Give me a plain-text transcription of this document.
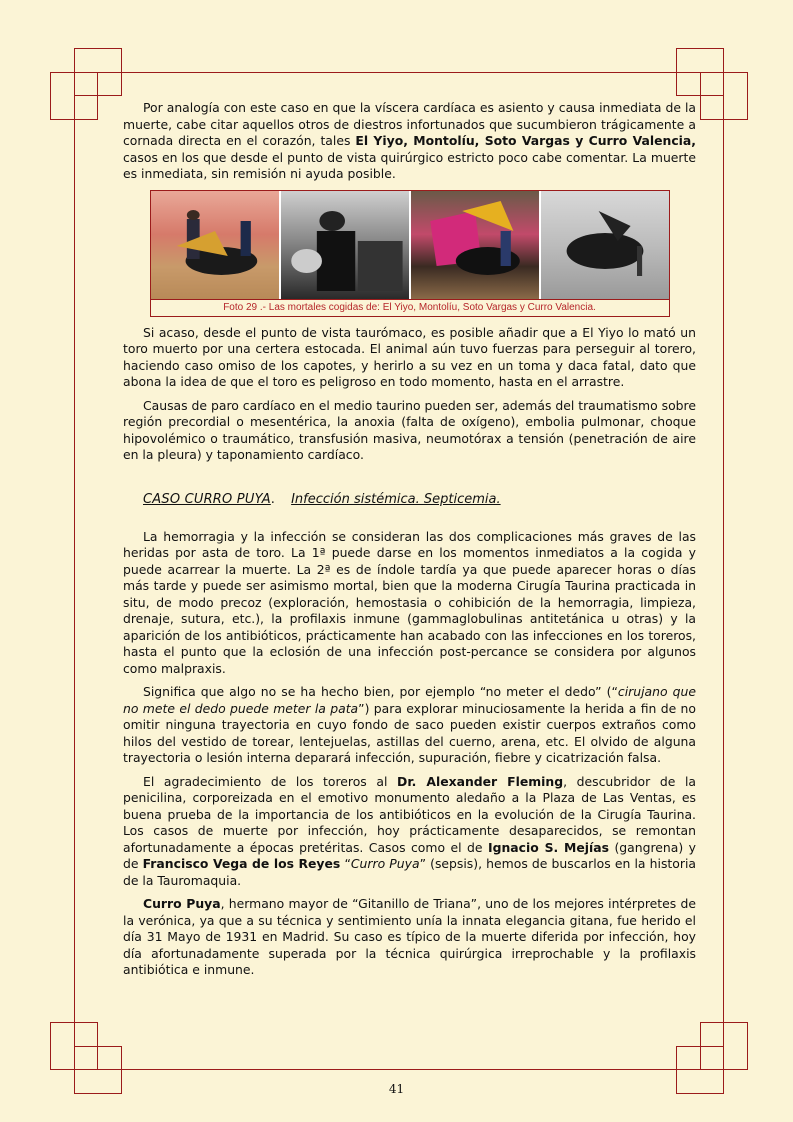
Por analogía con este caso en que la víscera cardíaca es asiento y causa inmediata de la muerte, cabe citar aquellos otros de diestros infortunados que sucumbieron trágicamente a cornada directa en el corazón, tales El Yiyo, Montolíu, Soto Vargas y Curro Valencia, casos en los que desde el punto de vista quirúrgico estricto poco cabe comentar. La muerte es inmediata, sin remisión ni ayuda posible.

Foto 29 .- Las mortales cogidas de: El Yiyo, Montolíu, Soto Vargas y Curro Valencia.

Si acaso, desde el punto de vista taurómaco, es posible añadir que a El Yiyo lo mató un toro muerto por una certera estocada. El animal aún tuvo fuerzas para perseguir al torero, haciendo caso omiso de los capotes, y herirlo a su vez en un toma y daca fatal, dato que abona la idea de que el toro es peligroso en todo momento, hasta en el arrastre.

Causas de paro cardíaco en el medio taurino pueden ser, además del traumatismo sobre región precordial o mesentérica, la anoxia (falta de oxígeno), embolia pulmonar, choque hipovolémico o traumático, transfusión masiva, neumotórax a tensión (penetración de aire en la pleura) y taponamiento cardíaco.

CASO CURRO PUYA. Infección sistémica. Septicemia.

La hemorragia y la infección se consideran las dos complicaciones más graves de las heridas por asta de toro. La 1ª puede darse en los momentos inmediatos a la cogida y puede acarrear la muerte. La 2ª es de índole tardía ya que puede aparecer horas o días más tarde y puede ser asimismo mortal, bien que la moderna Cirugía Taurina practicada in situ, de modo precoz (exploración, hemostasia o cohibición de la hemorragia, limpieza, drenaje, sutura, etc.), la profilaxis inmune (gammaglobulinas antitetánica u otras) y la aparición de los antibióticos, prácticamente han acabado con las infecciones en los toreros, hasta el punto que la eclosión de una infección post-percance se considera por algunos como malpraxis.

Significa que algo no se ha hecho bien, por ejemplo “no meter el dedo” (“cirujano que no mete el dedo puede meter la pata”) para explorar minuciosamente la herida a fin de no omitir ninguna trayectoria en cuyo fondo de saco pueden existir cuerpos extraños como hilos del vestido de torear, lentejuelas, astillas del cuerno, arena, etc. El olvido de alguna trayectoria o lesión interna deparará infección, supuración, fiebre y cicatrización falsa.

El agradecimiento de los toreros al Dr. Alexander Fleming, descubridor de la penicilina, corporeizada en el emotivo monumento aledaño a la Plaza de Las Ventas, es buena prueba de la importancia de los antibióticos en la evolución de la Cirugía Taurina. Los casos de muerte por infección, hoy prácticamente desaparecidos, se remontan afortunadamente a épocas pretéritas. Casos como el de Ignacio S. Mejías (gangrena) y de Francisco Vega de los Reyes “Curro Puya” (sepsis), hemos de buscarlos en la historia de la Tauromaquia.

Curro Puya, hermano mayor de “Gitanillo de Triana”, uno de los mejores intérpretes de la verónica, ya que a su técnica y sentimiento unía la innata elegancia gitana, fue herido el día 31 Mayo de 1931 en Madrid. Su caso es típico de la muerte diferida por infección, hoy día afortunadamente superada por la técnica quirúrgica irreprochable y la profilaxis antibiótica e inmune.

41
